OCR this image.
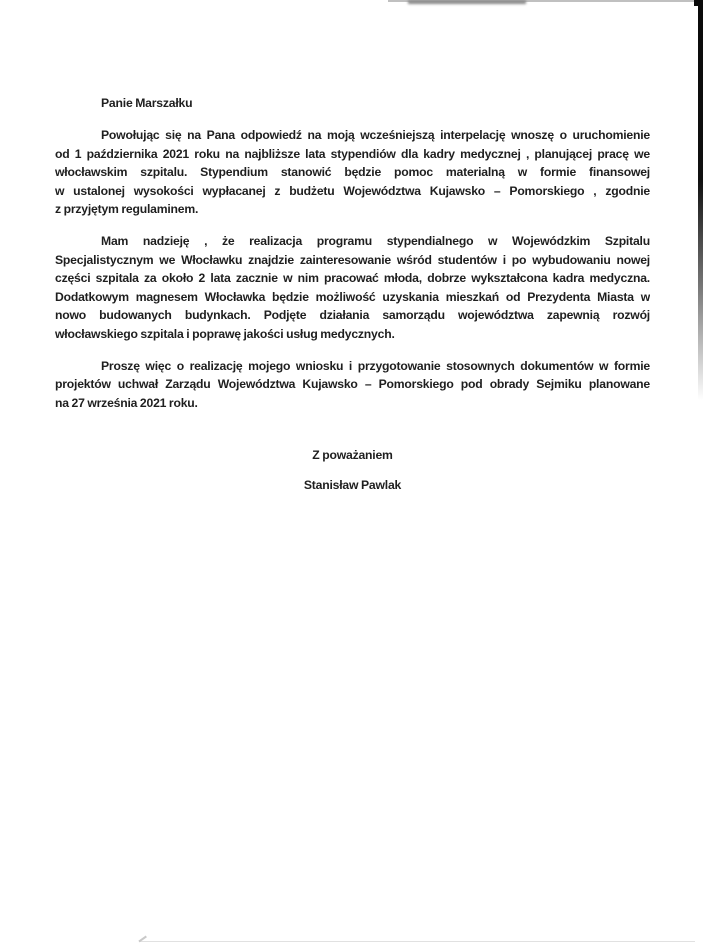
Panie Marszałku
Powołując się na Pana odpowiedź na moją wcześniejszą interpelację wnoszę o uruchomienie
od 1 października 2021 roku na najbliższe lata stypendiów dla kadry medycznej , planującej pracę we
włocławskim szpitalu. Stypendium stanowić będzie pomoc materialną w formie finansowej
w ustalonej wysokości wypłacanej z budżetu Województwa Kujawsko – Pomorskiego , zgodnie
z przyjętym regulaminem.
Mam nadzieję , że realizacja programu stypendialnego w Wojewódzkim Szpitalu
Specjalistycznym we Włocławku znajdzie zainteresowanie wśród studentów i po wybudowaniu nowej
części szpitala za około 2 lata zacznie w nim pracować młoda, dobrze wykształcona kadra medyczna.
Dodatkowym magnesem Włocławka będzie możliwość uzyskania mieszkań od Prezydenta Miasta w
nowo budowanych budynkach. Podjęte działania samorządu województwa zapewnią rozwój
włocławskiego szpitala i poprawę jakości usług medycznych.
Proszę więc o realizację mojego wniosku i przygotowanie stosownych dokumentów w formie
projektów uchwał Zarządu Województwa Kujawsko – Pomorskiego pod obrady Sejmiku planowane
na 27 września 2021 roku.
Z poważaniem
Stanisław Pawlak
